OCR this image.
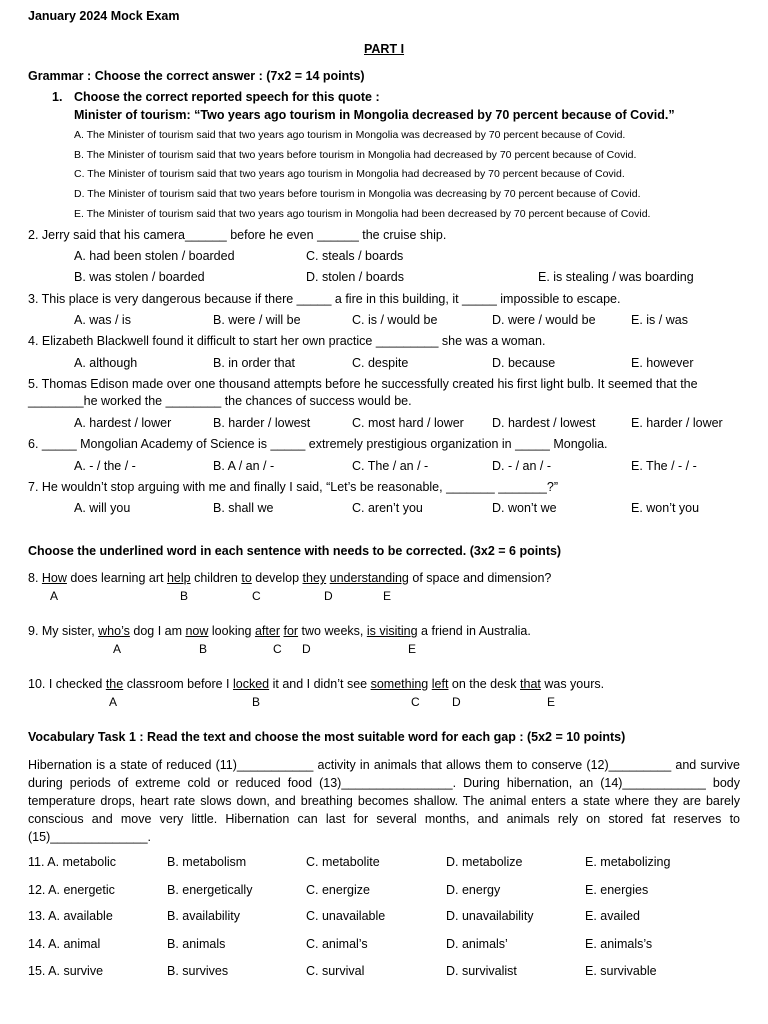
January 2024 Mock Exam
PART I
Grammar : Choose the correct answer : (7x2 = 14 points)
1. Choose the correct reported speech for this quote :
Minister of tourism: “Two years ago tourism in Mongolia decreased by 70 percent because of Covid.”
A. The Minister of tourism said that two years ago tourism in Mongolia was decreased by 70 percent because of Covid.
B. The Minister of tourism said that two years before tourism in Mongolia had decreased by 70 percent because of Covid.
C. The Minister of tourism said that two years ago tourism in Mongolia had decreased by 70 percent because of Covid.
D. The Minister of tourism said that two years before tourism in Mongolia was decreasing by 70 percent because of Covid.
E. The Minister of tourism said that two years ago tourism in Mongolia had been decreased by 70 percent because of Covid.
2. Jerry said that his camera______ before he even ______ the cruise ship.
A. had been stolen / boarded	C. steals / boards
B. was stolen / boarded	D. stolen / boards	E. is stealing / was boarding
3. This place is very dangerous because if there _____ a fire in this building, it _____ impossible to escape.
A. was / is	B. were / will be	C. is / would be	D. were / would be	E. is / was
4. Elizabeth Blackwell found it difficult to start her own practice _________ she was a woman.
A. although	B. in order that	C. despite	D. because	E. however
5. Thomas Edison made over one thousand attempts before he successfully created his first light bulb. It seemed that the
________he worked the ________ the chances of success would be.
A. hardest / lower	B. harder / lowest	C. most hard / lower D. hardest / lowest	E. harder / lower
6. _____ Mongolian Academy of Science is _____ extremely prestigious organization in _____ Mongolia.
A. - / the / -	B. A / an / -	C. The / an / -	D. - / an / -	E. The / - / -
7. He wouldn’t stop arguing with me and finally I said, “Let’s be reasonable, _______ _______?”
A. will you	B. shall we	C. aren’t you	D. won’t we	E. won’t you
Choose the underlined word in each sentence with needs to be corrected. (3x2 = 6 points)
8. How does learning art help children to develop they understanding of space and dimension?
A	B	C	D	E
9. My sister, who’s dog I am now looking after for two weeks, is visiting a friend in Australia.
A	B	C D	E
10. I checked the classroom before I locked it and I didn’t see something left on the desk that was yours.
A	B	C	D	E
Vocabulary Task 1 : Read the text and choose the most suitable word for each gap : (5x2 = 10 points)
Hibernation is a state of reduced (11)___________ activity in animals that allows them to conserve (12)_________ and survive during periods of extreme cold or reduced food (13)________________. During hibernation, an (14)____________ body temperature drops, heart rate slows down, and breathing becomes shallow. The animal enters a state where they are barely conscious and move very little. Hibernation can last for several months, and animals rely on stored fat reserves to (15)______________.
11. A. metabolic	B. metabolism	C. metabolite	D. metabolize	E. metabolizing
12. A. energetic	B. energetically	C. energize	D. energy	E. energies
13. A. available	B. availability	C. unavailable	D. unavailability	E. availed
14. A. animal	B. animals	C. animal’s	D. animals’	E. animals’s
15. A. survive	B. survives	C. survival	D. survivalist	E. survivable
